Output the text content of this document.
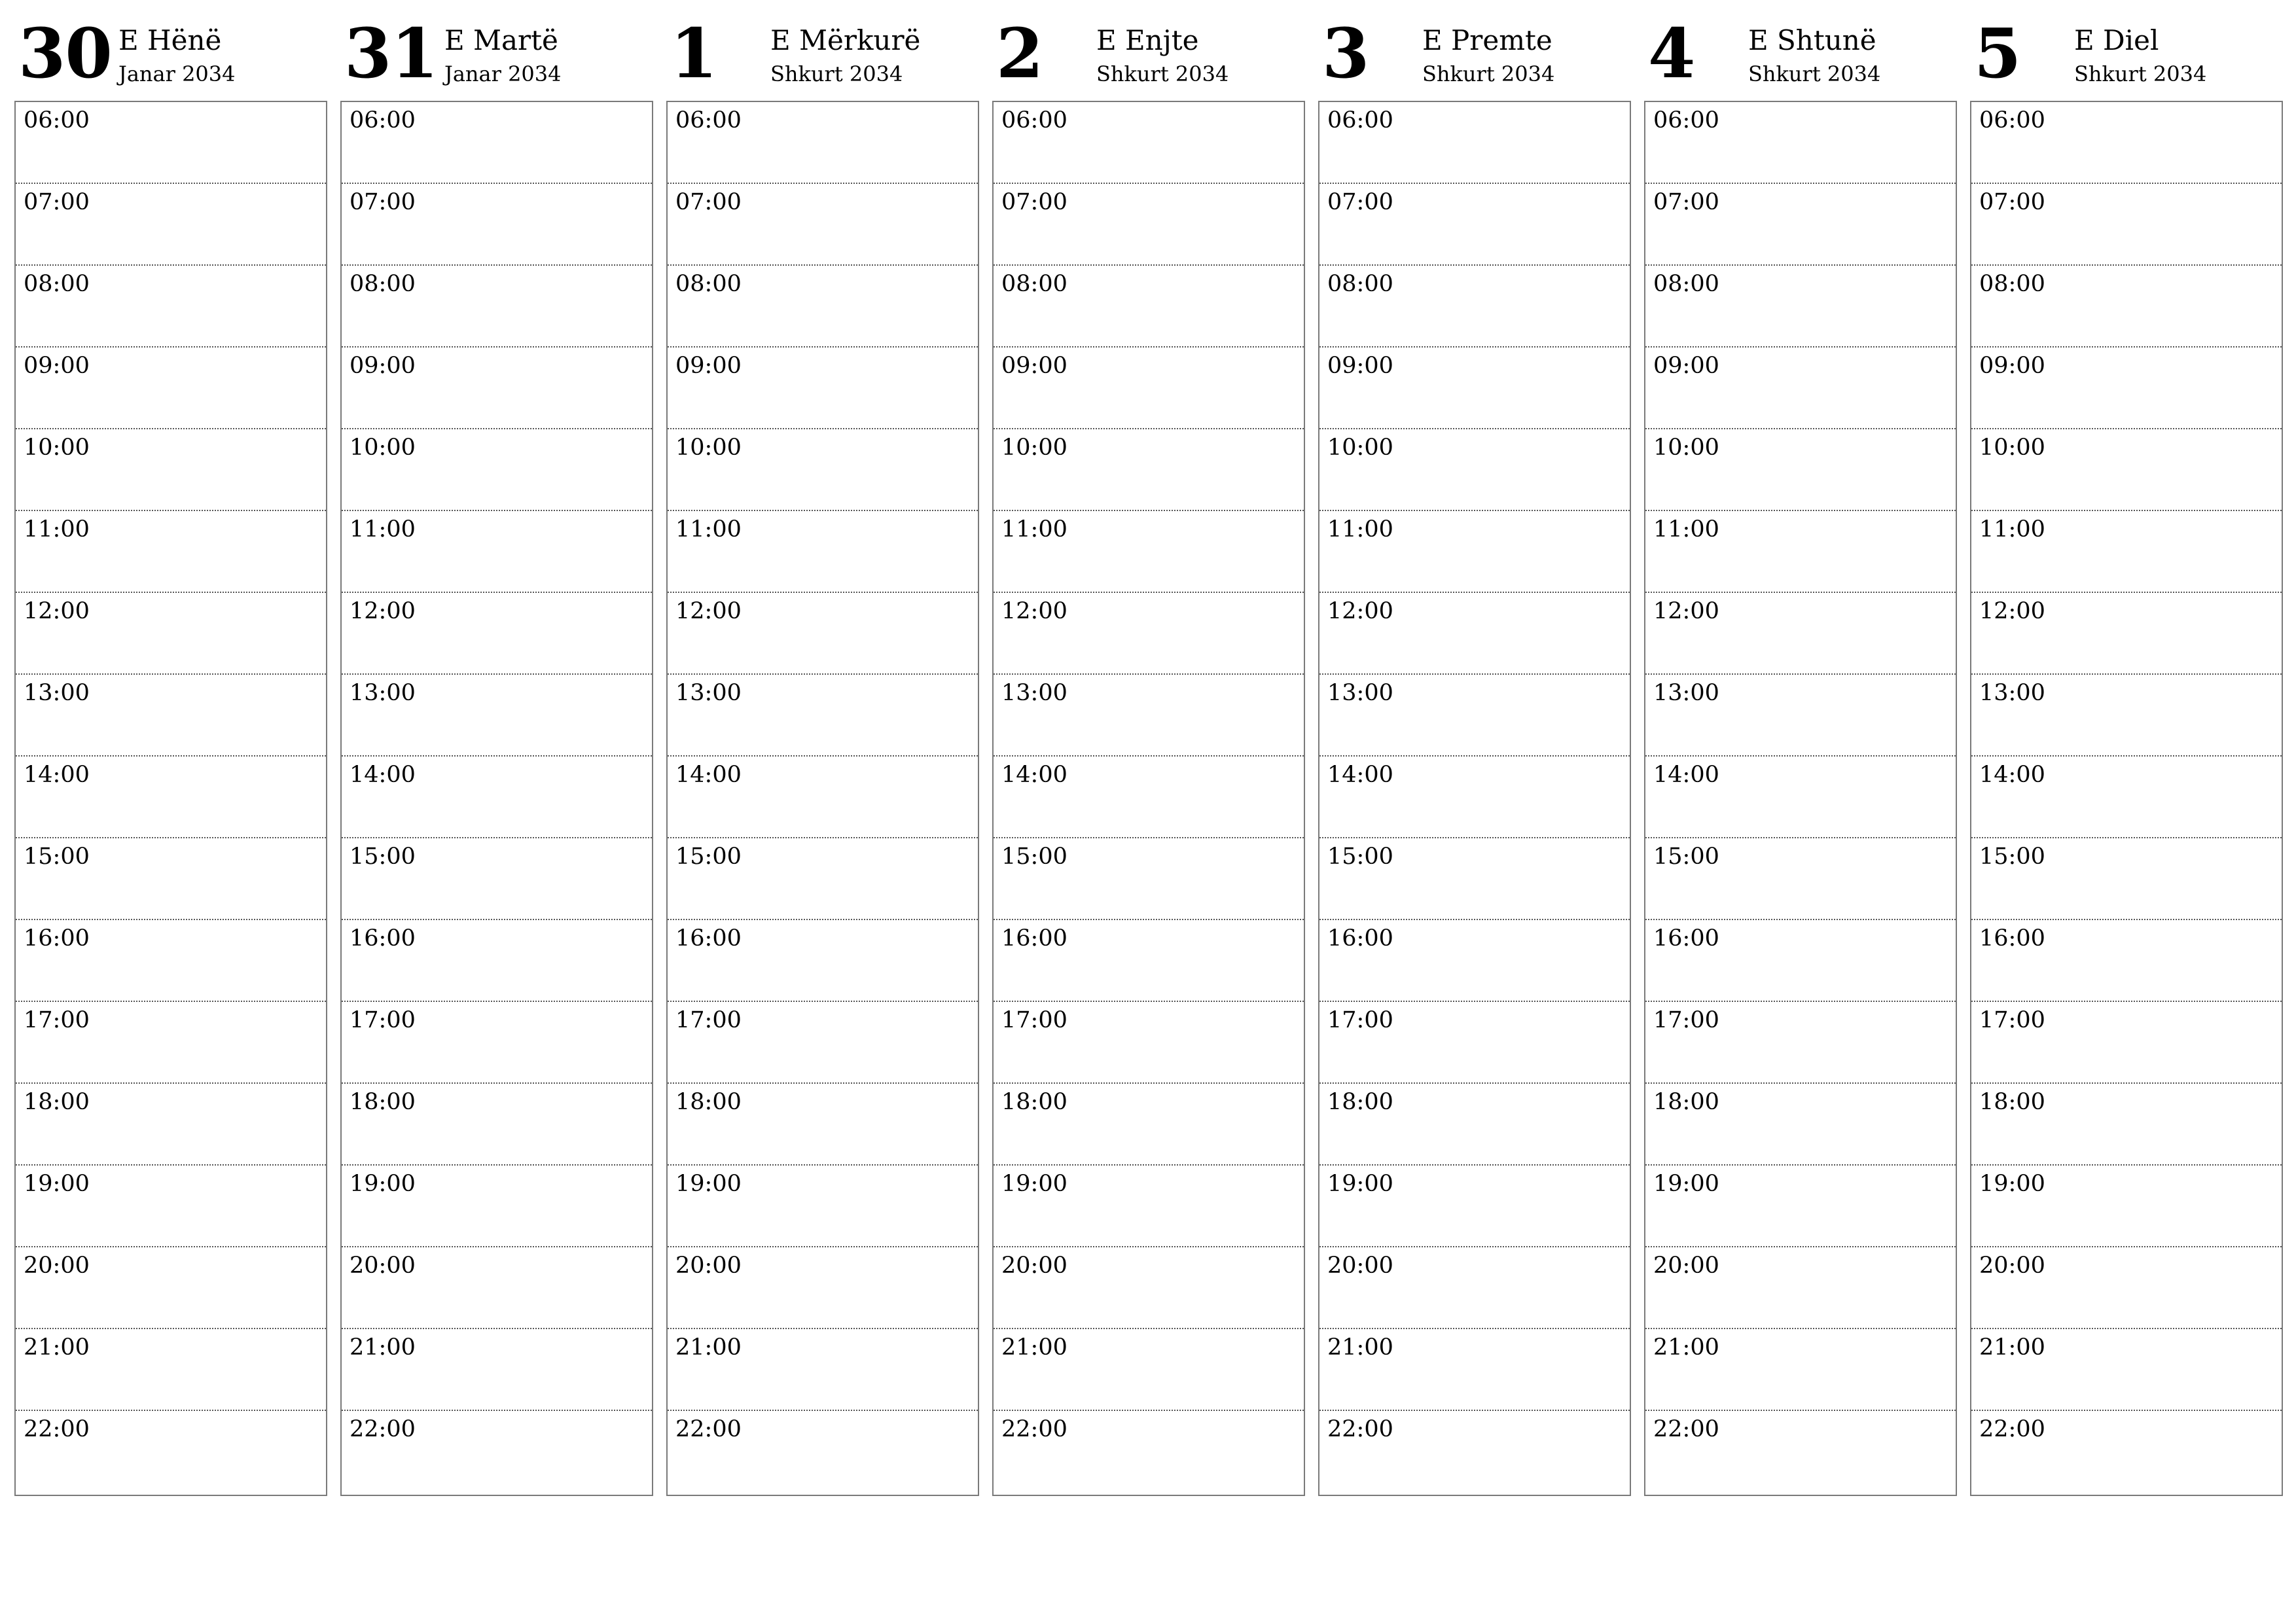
30 E Hënë
Janar 2034
06:00
07:00
08:00
09:00
10:00
11:00
12:00
13:00
14:00
15:00
16:00
17:00
18:00
19:00
20:00
21:00
22:00
31 E Martë
Janar 2034
06:00
07:00
08:00
09:00
10:00
11:00
12:00
13:00
14:00
15:00
16:00
17:00
18:00
19:00
20:00
21:00
22:00
1 E Mërkurë
Shkurt 2034
06:00
07:00
08:00
09:00
10:00
11:00
12:00
13:00
14:00
15:00
16:00
17:00
18:00
19:00
20:00
21:00
22:00
2 E Enjte
Shkurt 2034
06:00
07:00
08:00
09:00
10:00
11:00
12:00
13:00
14:00
15:00
16:00
17:00
18:00
19:00
20:00
21:00
22:00
3 E Premte
Shkurt 2034
06:00
07:00
08:00
09:00
10:00
11:00
12:00
13:00
14:00
15:00
16:00
17:00
18:00
19:00
20:00
21:00
22:00
4 E Shtunë
Shkurt 2034
06:00
07:00
08:00
09:00
10:00
11:00
12:00
13:00
14:00
15:00
16:00
17:00
18:00
19:00
20:00
21:00
22:00
5 E Diel
Shkurt 2034
06:00
07:00
08:00
09:00
10:00
11:00
12:00
13:00
14:00
15:00
16:00
17:00
18:00
19:00
20:00
21:00
22:00
